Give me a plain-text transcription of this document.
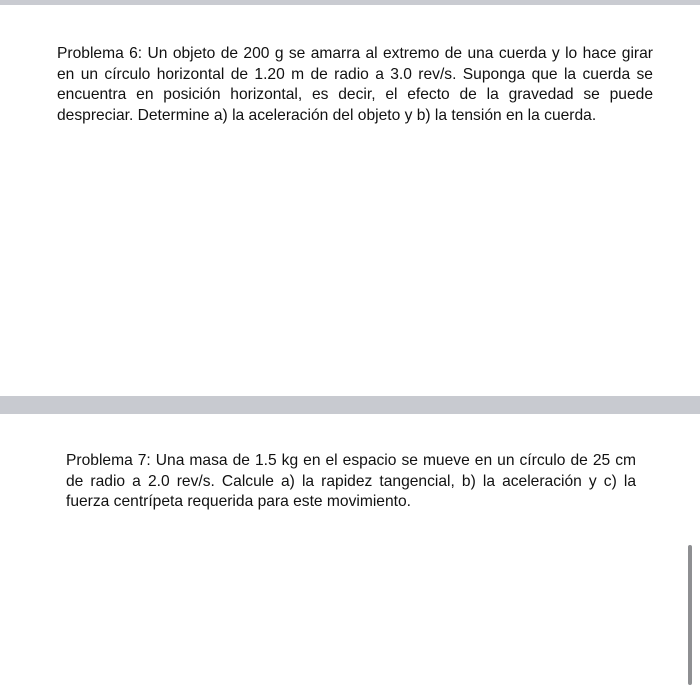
Problema 6: Un objeto de 200 g se amarra al extremo de una cuerda y lo hace girar en un círculo horizontal de 1.20 m de radio a 3.0 rev/s. Suponga que la cuerda se encuentra en posición horizontal, es decir, el efecto de la gravedad se puede despreciar. Determine a) la aceleración del objeto y b) la tensión en la cuerda.

Problema 7: Una masa de 1.5 kg en el espacio se mueve en un círculo de 25 cm de radio a 2.0 rev/s. Calcule a) la rapidez tangencial, b) la aceleración y c) la fuerza centrípeta requerida para este movimiento.
